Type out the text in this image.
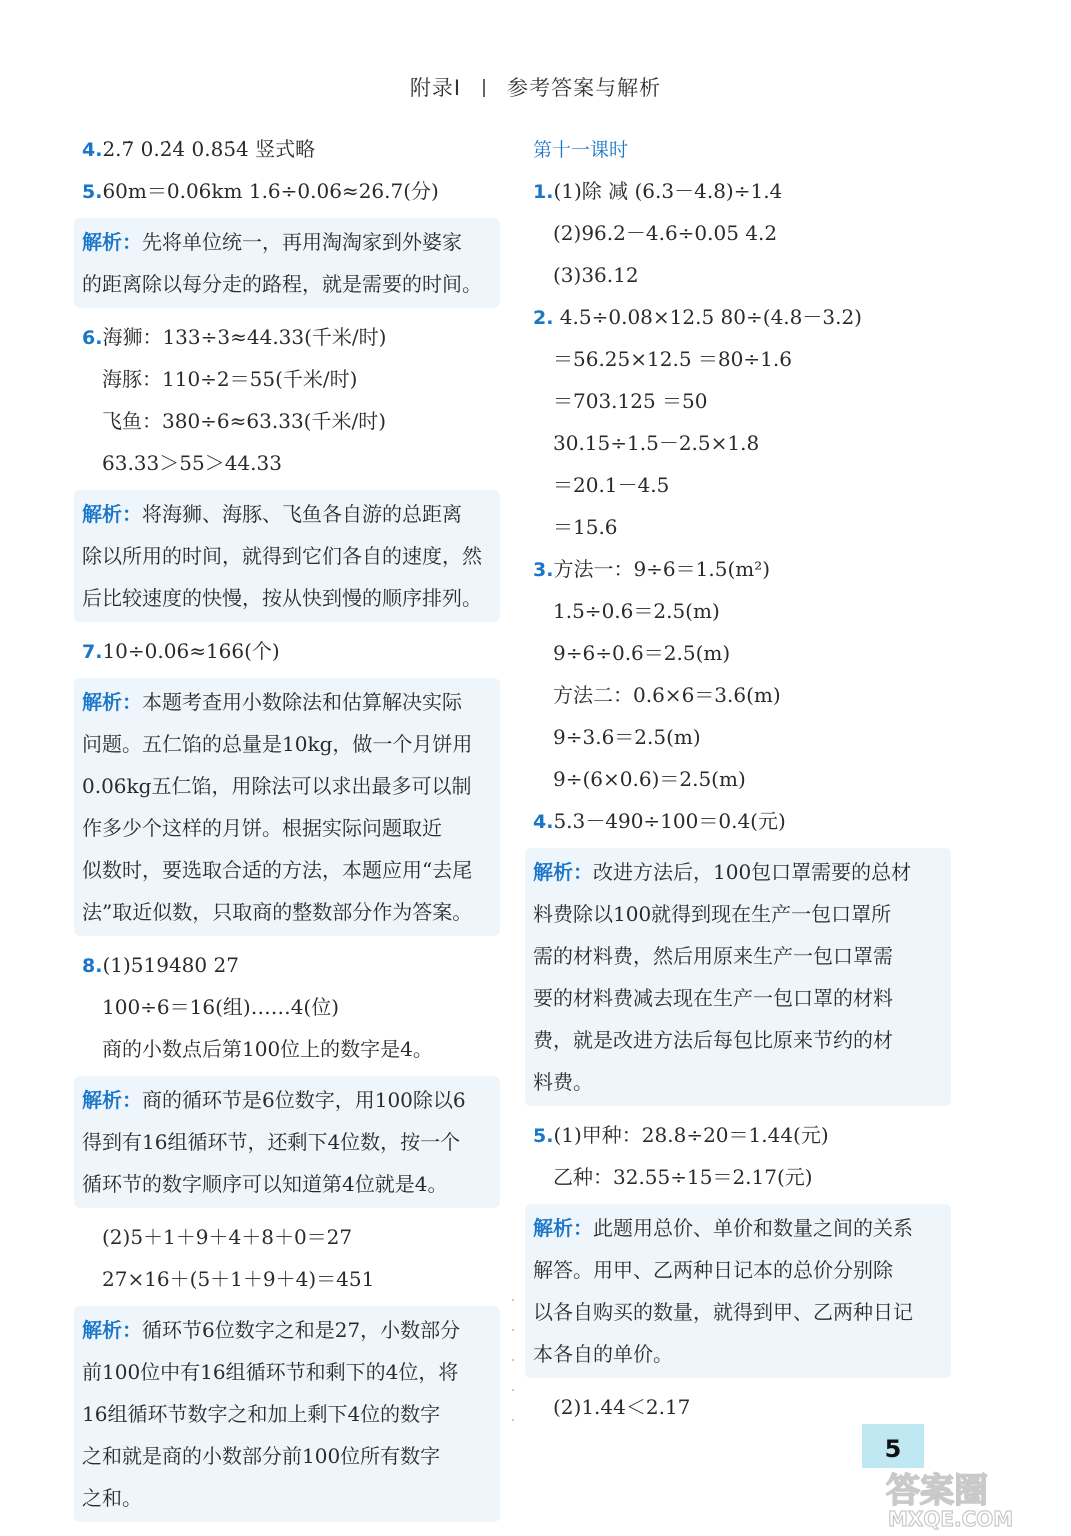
附录Ⅰ 参考答案与解析
4.2.7̇ 0.2̇4̇ 0.85̇4̇ 竖式略
5.60m＝0.06km 1.6÷0.06≈26.7(分)
解析：先将单位统一，再用淘淘家到外婆家
的距离除以每分走的路程，就是需要的时间。
6.海狮：133÷3≈44.33(千米/时)
海豚：110÷2＝55(千米/时)
飞鱼：380÷6≈63.33(千米/时)
63.33＞55＞44.33
解析：将海狮、海豚、飞鱼各自游的总距离
除以所用的时间，就得到它们各自的速度，然
后比较速度的快慢，按从快到慢的顺序排列。
7.10÷0.06≈166(个)
解析：本题考查用小数除法和估算解决实际
问题。五仁馅的总量是10kg，做一个月饼用
0.06kg五仁馅，用除法可以求出最多可以制
作多少个这样的月饼。根据实际问题取近
似数时，要选取合适的方法，本题应用“去尾
法”取近似数，只取商的整数部分作为答案。
8.(1)519480 27
100÷6＝16(组)……4(位)
商的小数点后第100位上的数字是4。
解析：商的循环节是6位数字，用100除以6
得到有16组循环节，还剩下4位数，按一个
循环节的数字顺序可以知道第4位就是4。
(2)5＋1＋9＋4＋8＋0＝27
27×16＋(5＋1＋9＋4)＝451
解析：循环节6位数字之和是27，小数部分
前100位中有16组循环节和剩下的4位，将
16组循环节数字之和加上剩下4位的数字
之和就是商的小数部分前100位所有数字
之和。
第十一课时
1.(1)除 减 (6.3－4.8)÷1.4
(2)96.2－4.6÷0.05 4.2
(3)36.12
2. 4.5÷0.08×12.5 80÷(4.8－3.2)
＝56.25×12.5 ＝80÷1.6
＝703.125 ＝50
30.15÷1.5－2.5×1.8
＝20.1－4.5
＝15.6
3.方法一：9÷6＝1.5(m²)
1.5÷0.6＝2.5(m)
9÷6÷0.6＝2.5(m)
方法二：0.6×6＝3.6(m)
9÷3.6＝2.5(m)
9÷(6×0.6)＝2.5(m)
4.5.3－490÷100＝0.4(元)
解析：改进方法后，100包口罩需要的总材
料费除以100就得到现在生产一包口罩所
需的材料费，然后用原来生产一包口罩需
要的材料费减去现在生产一包口罩的材料
费，就是改进方法后每包比原来节约的材
料费。
5.(1)甲种：28.8÷20＝1.44(元)
乙种：32.55÷15＝2.17(元)
解析：此题用总价、单价和数量之间的关系
解答。用甲、乙两种日记本的总价分别除
以各自购买的数量，就得到甲、乙两种日记
本各自的单价。
(2)1.44＜2.17
5
答案圈
MXQE.COM
